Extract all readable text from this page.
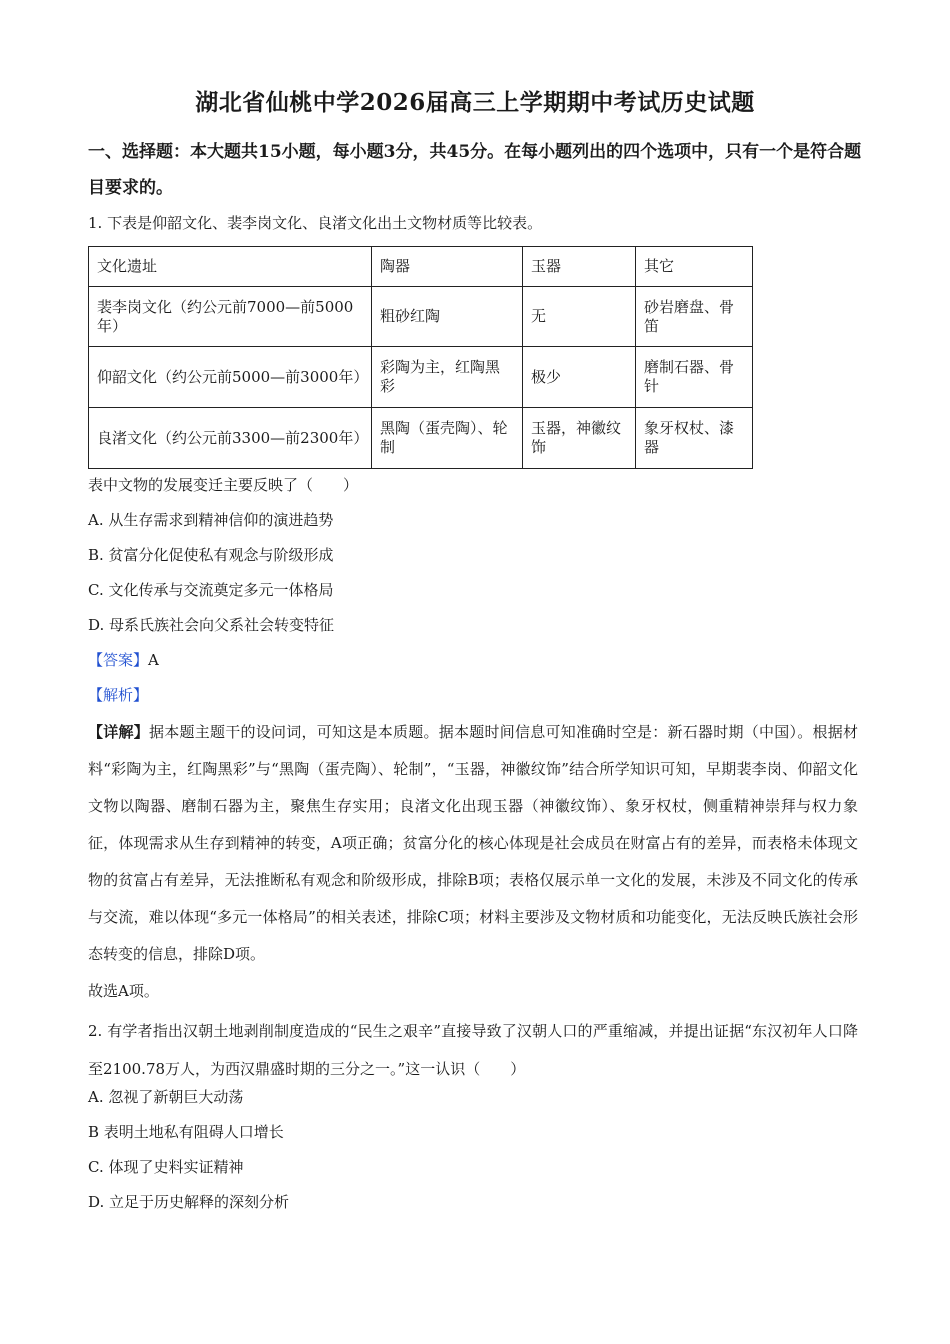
湖北省仙桃中学2026届高三上学期期中考试历史试题
一、选择题：本大题共15小题，每小题3分，共45分。在每小题列出的四个选项中，只有一个是符合题目要求的。
1. 下表是仰韶文化、裴李岗文化、良渚文化出土文物材质等比较表。
文化遗址	陶器	玉器	其它
裴李岗文化（约公元前7000—前5000年）	粗砂红陶	无	砂岩磨盘、骨笛
仰韶文化（约公元前5000—前3000年）	彩陶为主，红陶黑彩	极少	磨制石器、骨针
良渚文化（约公元前3300—前2300年）	黑陶（蛋壳陶）、轮制	玉器，神徽纹饰	象牙权杖、漆器
表中文物的发展变迁主要反映了（　　）
A. 从生存需求到精神信仰的演进趋势
B. 贫富分化促使私有观念与阶级形成
C. 文化传承与交流奠定多元一体格局
D. 母系氏族社会向父系社会转变特征
【答案】A
【解析】
【详解】据本题主题干的设问词，可知这是本质题。据本题时间信息可知准确时空是：新石器时期（中国）。根据材料“彩陶为主，红陶黑彩”与“黑陶（蛋壳陶）、轮制”，“玉器，神徽纹饰”结合所学知识可知，早期裴李岗、仰韶文化文物以陶器、磨制石器为主，聚焦生存实用；良渚文化出现玉器（神徽纹饰）、象牙权杖，侧重精神崇拜与权力象征，体现需求从生存到精神的转变，A项正确；贫富分化的核心体现是社会成员在财富占有的差异，而表格未体现文物的贫富占有差异，无法推断私有观念和阶级形成，排除B项；表格仅展示单一文化的发展，未涉及不同文化的传承与交流，难以体现“多元一体格局”的相关表述，排除C项；材料主要涉及文物材质和功能变化，无法反映氏族社会形态转变的信息，排除D项。
故选A项。
2. 有学者指出汉朝土地剥削制度造成的“民生之艰辛”直接导致了汉朝人口的严重缩减，并提出证据“东汉初年人口降至2100.78万人，为西汉鼎盛时期的三分之一。”这一认识（　　）
A. 忽视了新朝巨大动荡
B 表明土地私有阻碍人口增长
C. 体现了史料实证精神
D. 立足于历史解释的深刻分析
